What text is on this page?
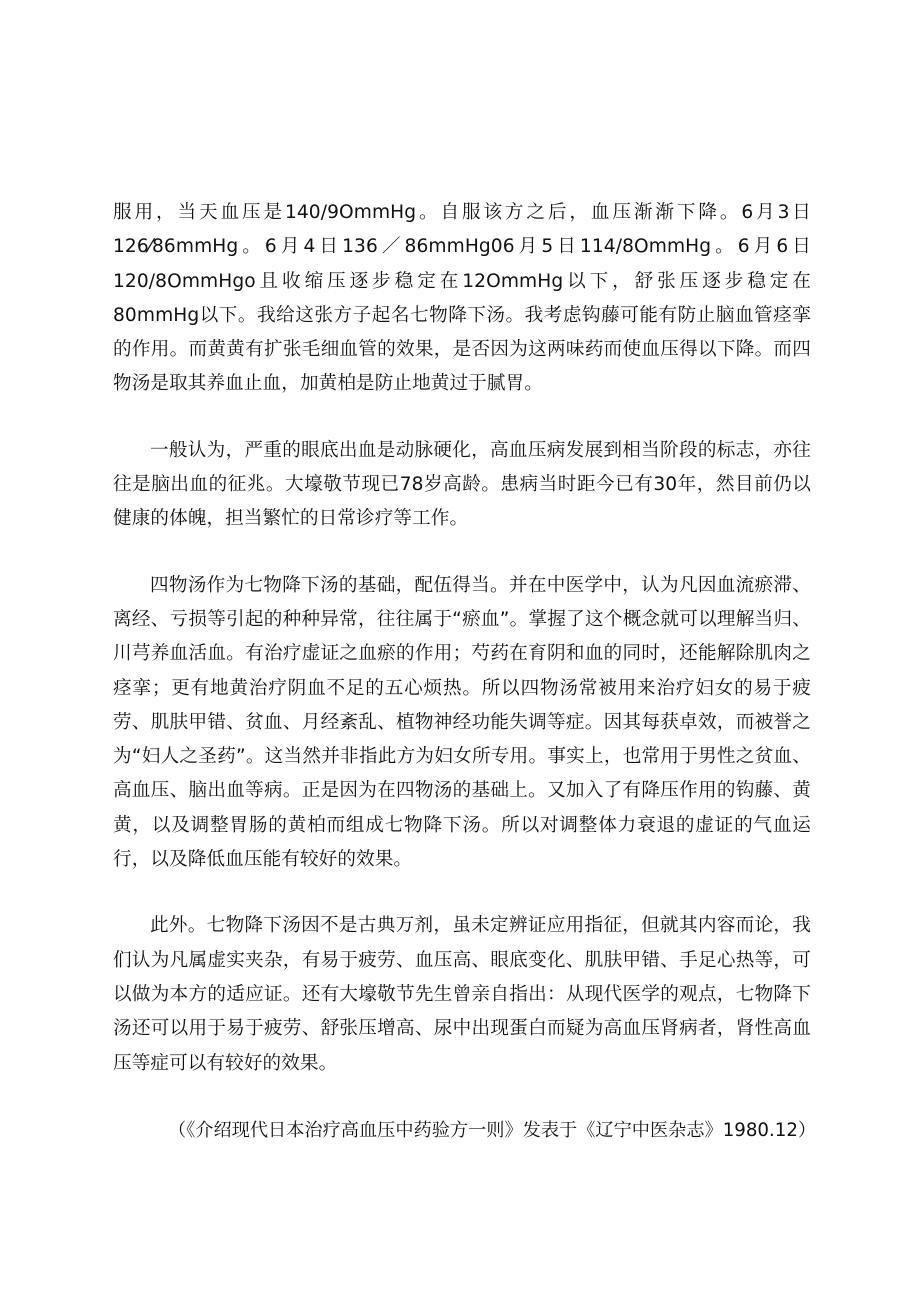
服用，当天血压是140/9OmmHg。自服该方之后，血压渐渐下降。6月3日126⁄86mmHg。6月4日136／86mmHg06月5日114/8ΟmmHg。6月6日120/8ΟmmHgo且收缩压逐步稳定在12OmmHg以下，舒张压逐步稳定在80mmHg以下。我给这张方子起名七物降下汤。我考虑钩藤可能有防止脑血管痉挛的作用。而黄黄有扩张毛细血管的效果，是否因为这两味药而使血压得以下降。而四物汤是取其养血止血，加黄柏是防止地黄过于腻胃。

一般认为，严重的眼底出血是动脉硬化，高血压病发展到相当阶段的标志，亦往往是脑出血的征兆。大壕敬节现已78岁高龄。患病当时距今已有30年，然目前仍以健康的体魄，担当繁忙的日常诊疗等工作。

四物汤作为七物降下汤的基础，配伍得当。并在中医学中，认为凡因血流瘀滞、离经、亏损等引起的种种异常，往往属于“瘀血”。掌握了这个概念就可以理解当归、川芎养血活血。有治疗虚证之血瘀的作用；芍药在育阴和血的同时，还能解除肌肉之痉挛；更有地黄治疗阴血不足的五心烦热。所以四物汤常被用来治疗妇女的易于疲劳、肌肤甲错、贫血、月经紊乱、植物神经功能失调等症。因其每获卓效，而被誉之为“妇人之圣药”。这当然并非指此方为妇女所专用。事实上，也常用于男性之贫血、高血压、脑出血等病。正是因为在四物汤的基础上。又加入了有降压作用的钩藤、黄黄，以及调整胃肠的黄柏而组成七物降下汤。所以对调整体力衰退的虚证的气血运行，以及降低血压能有较好的效果。

此外。七物降下汤因不是古典万剂，虽未定辨证应用指征，但就其内容而论，我们认为凡属虚实夹杂，有易于疲劳、血压高、眼底变化、肌肤甲错、手足心热等，可以做为本方的适应证。还有大壕敬节先生曾亲自指出：从现代医学的观点，七物降下汤还可以用于易于疲劳、舒张压增高、尿中出现蛋白而疑为高血压肾病者，肾性高血压等症可以有较好的效果。

（《介绍现代日本治疗高血压中药验方一则》发表于《辽宁中医杂志》1980.12）
